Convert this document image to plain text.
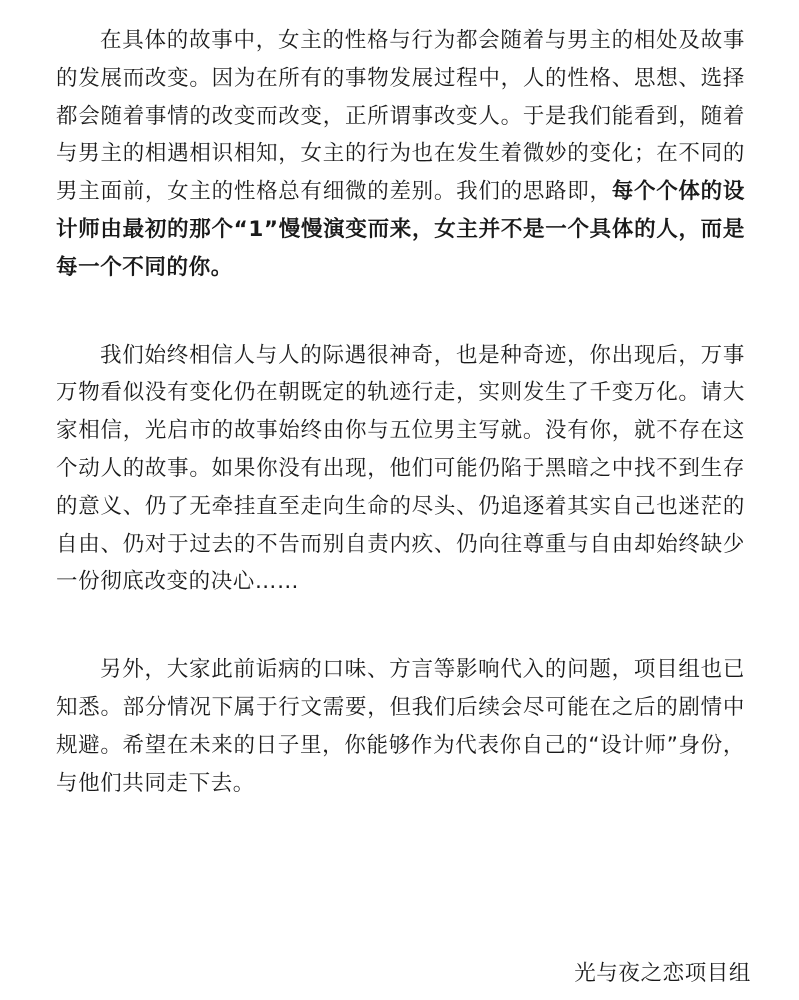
在具体的故事中，女主的性格与行为都会随着与男主的相处及故事的发展而改变。因为在所有的事物发展过程中，人的性格、思想、选择都会随着事情的改变而改变，正所谓事改变人。于是我们能看到，随着与男主的相遇相识相知，女主的行为也在发生着微妙的变化；在不同的男主面前，女主的性格总有细微的差别。我们的思路即，每个个体的设计师由最初的那个“1”慢慢演变而来，女主并不是一个具体的人，而是每一个不同的你。

我们始终相信人与人的际遇很神奇，也是种奇迹，你出现后，万事万物看似没有变化仍在朝既定的轨迹行走，实则发生了千变万化。请大家相信，光启市的故事始终由你与五位男主写就。没有你，就不存在这个动人的故事。如果你没有出现，他们可能仍陷于黑暗之中找不到生存的意义、仍了无牵挂直至走向生命的尽头、仍追逐着其实自己也迷茫的自由、仍对于过去的不告而别自责内疚、仍向往尊重与自由却始终缺少一份彻底改变的决心……

另外，大家此前诟病的口味、方言等影响代入的问题，项目组也已知悉。部分情况下属于行文需要，但我们后续会尽可能在之后的剧情中规避。希望在未来的日子里，你能够作为代表你自己的“设计师”身份，与他们共同走下去。

光与夜之恋项目组
